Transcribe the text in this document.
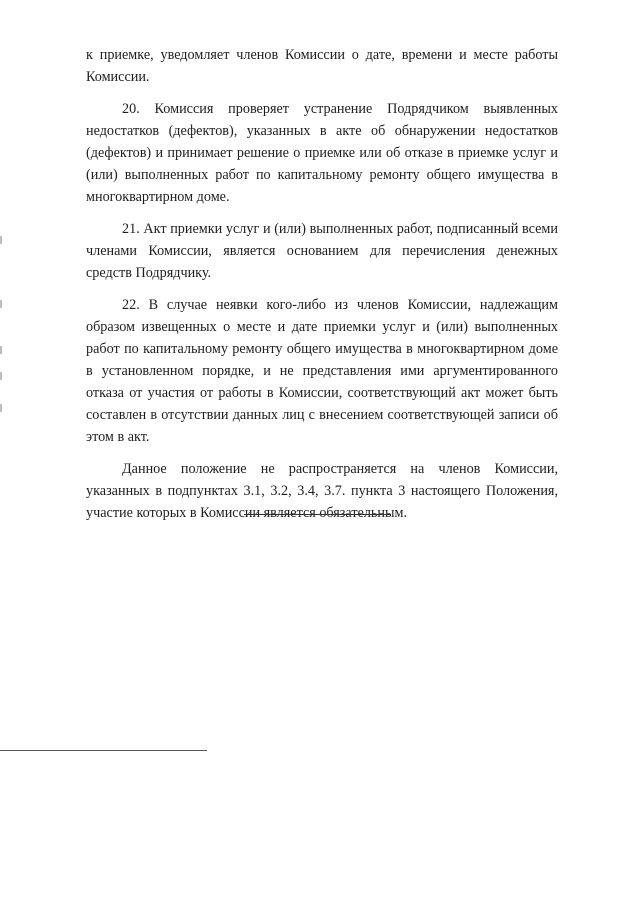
к приемке, уведомляет членов Комиссии о дате, времени и месте работы Комиссии.

20. Комиссия проверяет устранение Подрядчиком выявленных недостатков (дефектов), указанных в акте об обнаружении недостатков (дефектов) и принимает решение о приемке или об отказе в приемке услуг и (или) выполненных работ по капитальному ремонту общего имущества в многоквартирном доме.

21. Акт приемки услуг и (или) выполненных работ, подписанный всеми членами Комиссии, является основанием для перечисления денежных средств Подрядчику.

22. В случае неявки кого-либо из членов Комиссии, надлежащим образом извещенных о месте и дате приемки услуг и (или) выполненных работ по капитальному ремонту общего имущества в многоквартирном доме в установленном порядке, и не представления ими аргументированного отказа от участия от работы в Комиссии, соответствующий акт может быть составлен в отсутствии данных лиц с внесением соответствующей записи об этом в акт.

Данное положение не распространяется на членов Комиссии, указанных в подпунктах 3.1, 3.2, 3.4, 3.7. пункта 3 настоящего Положения, участие которых в Комиссии является обязательным.
